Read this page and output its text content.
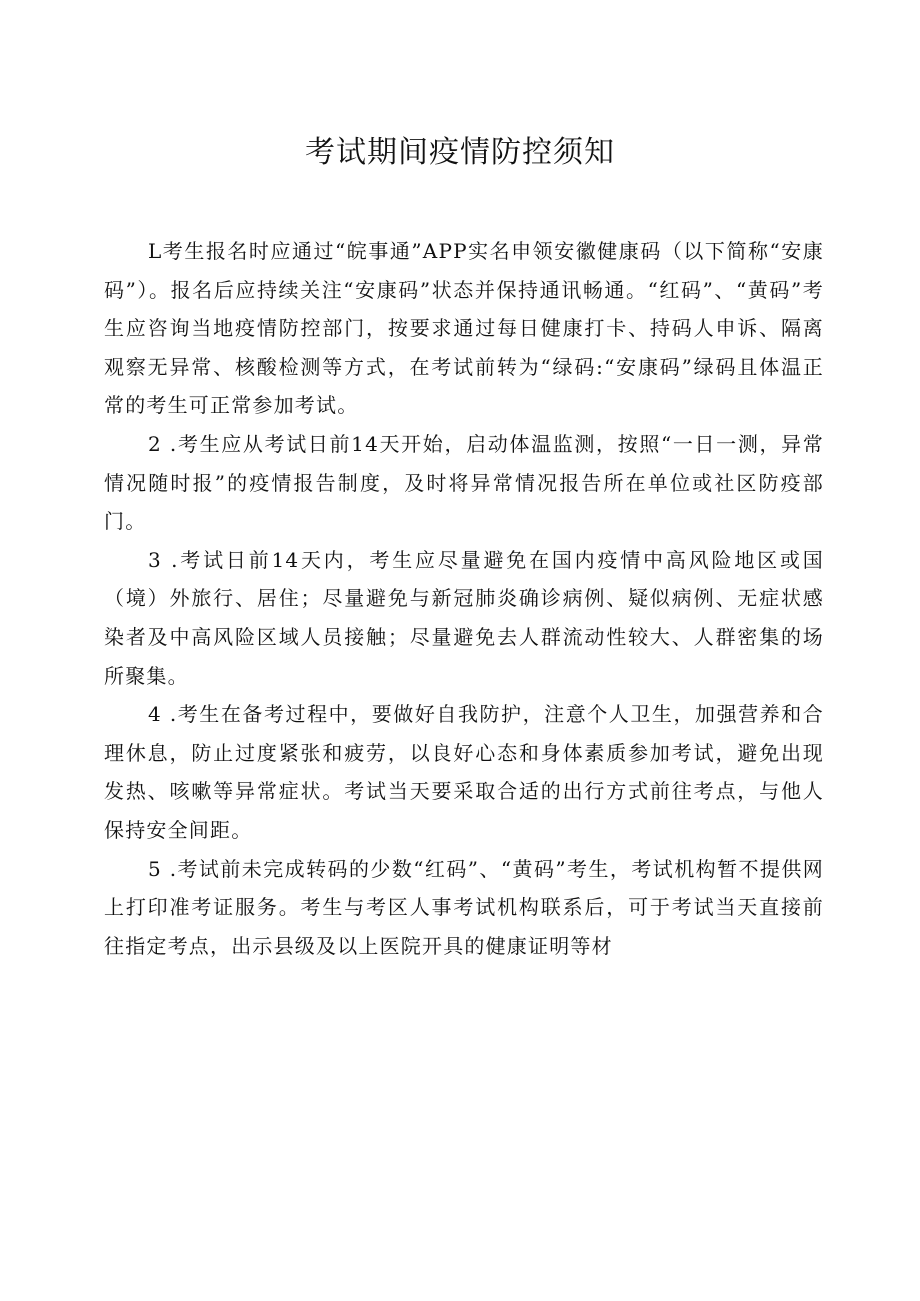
考试期间疫情防控须知

L考生报名时应通过“皖事通”APP实名申领安徽健康码（以下简称“安康码”）。报名后应持续关注“安康码”状态并保持通讯畅通。“红码”、“黄码”考生应咨询当地疫情防控部门，按要求通过每日健康打卡、持码人申诉、隔离观察无异常、核酸检测等方式，在考试前转为“绿码:“安康码”绿码且体温正常的考生可正常参加考试。

2 .考生应从考试日前14天开始，启动体温监测，按照“一日一测，异常情况随时报”的疫情报告制度，及时将异常情况报告所在单位或社区防疫部门。

3 .考试日前14天内，考生应尽量避免在国内疫情中高风险地区或国（境）外旅行、居住；尽量避免与新冠肺炎确诊病例、疑似病例、无症状感染者及中高风险区域人员接触；尽量避免去人群流动性较大、人群密集的场所聚集。

4 .考生在备考过程中，要做好自我防护，注意个人卫生，加强营养和合理休息，防止过度紧张和疲劳，以良好心态和身体素质参加考试，避免出现发热、咳嗽等异常症状。考试当天要采取合适的出行方式前往考点，与他人保持安全间距。

5 .考试前未完成转码的少数“红码”、“黄码”考生，考试机构暂不提供网上打印准考证服务。考生与考区人事考试机构联系后，可于考试当天直接前往指定考点，出示县级及以上医院开具的健康证明等材
